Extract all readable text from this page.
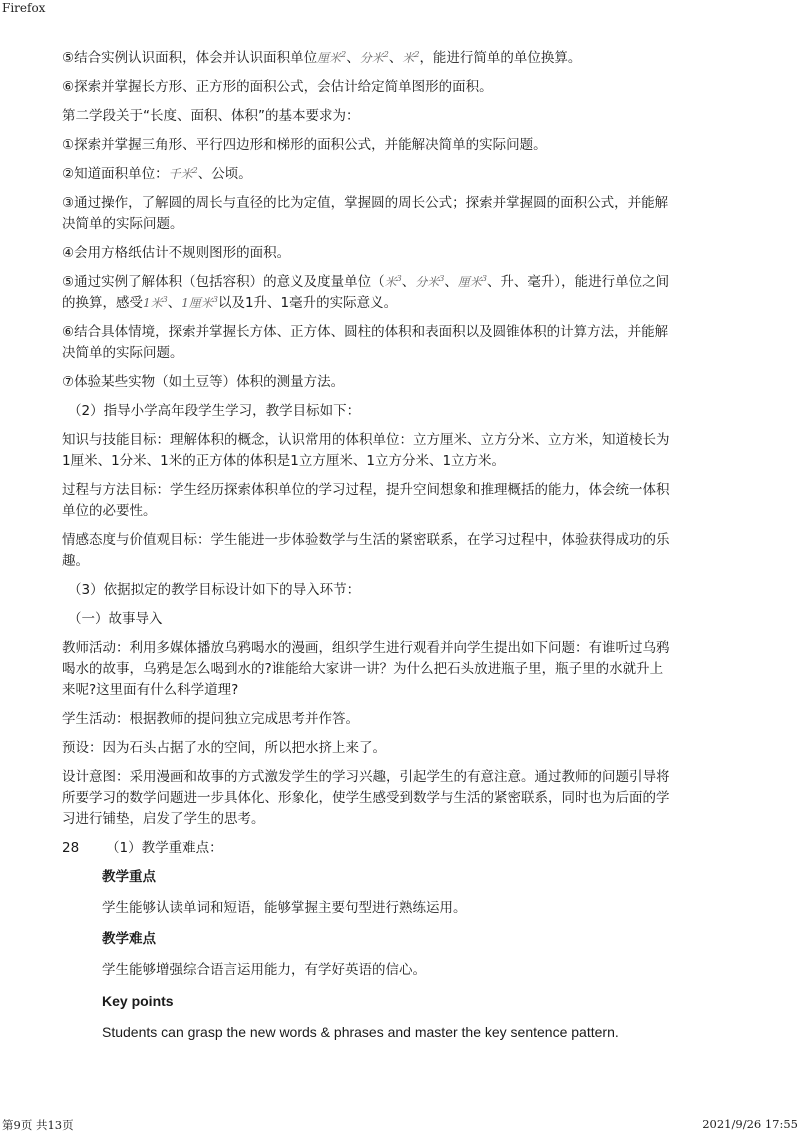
Firefox

⑤结合实例认识面积，体会并认识面积单位厘米$^2$、分米$^2$、米$^2$，能进行简单的单位换算。

⑥探索并掌握长方形、正方形的面积公式，会估计给定简单图形的面积。

第二学段关于“长度、面积、体积”的基本要求为：

①探索并掌握三角形、平行四边形和梯形的面积公式，并能解决简单的实际问题。

②知道面积单位：千米$^2$、公顷。

③通过操作，了解圆的周长与直径的比为定值，掌握圆的周长公式；探索并掌握圆的面积公式，并能解决简单的实际问题。

④会用方格纸估计不规则图形的面积。

⑤通过实例了解体积（包括容积）的意义及度量单位（米$^3$、分米$^3$、厘米$^3$、升、毫升），能进行单位之间的换算，感受1米$^3$、1厘米$^3$以及1升、1毫升的实际意义。

⑥结合具体情境，探索并掌握长方体、正方体、圆柱的体积和表面积以及圆锥体积的计算方法，并能解决简单的实际问题。

⑦体验某些实物（如土豆等）体积的测量方法。

（2）指导小学高年段学生学习，教学目标如下：

知识与技能目标：理解体积的概念，认识常用的体积单位：立方厘米、立方分米、立方米，知道棱长为1厘米、1分米、1米的正方体的体积是1立方厘米、1立方分米、1立方米。

过程与方法目标：学生经历探索体积单位的学习过程，提升空间想象和推理概括的能力，体会统一体积单位的必要性。

情感态度与价值观目标：学生能进一步体验数学与生活的紧密联系，在学习过程中，体验获得成功的乐趣。

（3）依据拟定的教学目标设计如下的导入环节：

（一）故事导入

教师活动：利用多媒体播放乌鸦喝水的漫画，组织学生进行观看并向学生提出如下问题：有谁听过乌鸦喝水的故事，乌鸦是怎么喝到水的?谁能给大家讲一讲？为什么把石头放进瓶子里，瓶子里的水就升上来呢?这里面有什么科学道理?

学生活动：根据教师的提问独立完成思考并作答。

预设：因为石头占据了水的空间，所以把水挤上来了。

设计意图：采用漫画和故事的方式激发学生的学习兴趣，引起学生的有意注意。通过教师的问题引导将所要学习的数学问题进一步具体化、形象化，使学生感受到数学与生活的紧密联系，同时也为后面的学习进行铺垫，启发了学生的思考。

28 （1）教学重难点：

教学重点

学生能够认读单词和短语，能够掌握主要句型进行熟练运用。

教学难点

学生能够增强综合语言运用能力，有学好英语的信心。

Key points

Students can grasp the new words & phrases and master the key sentence pattern.

第9页 共13页	2021/9/26 17:55
